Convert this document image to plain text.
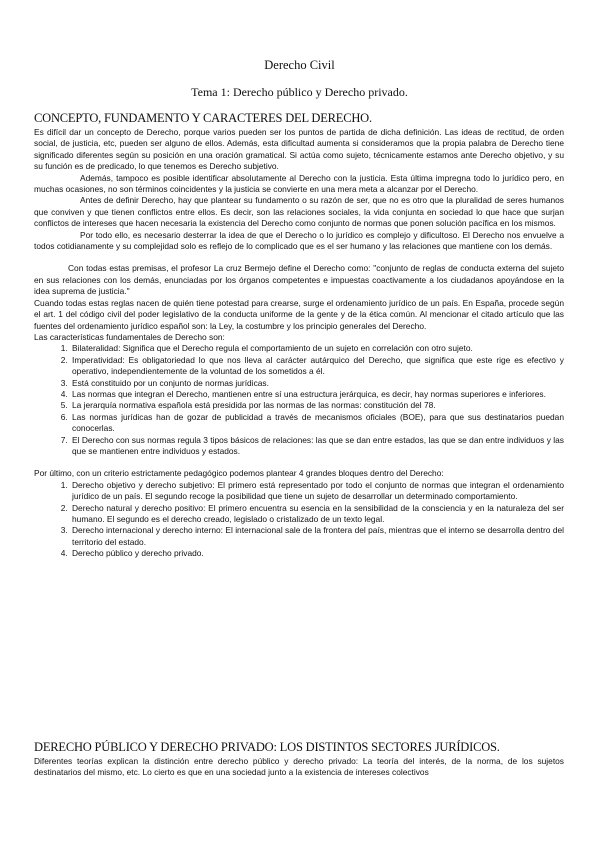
Derecho Civil
Tema 1: Derecho público y Derecho privado.
CONCEPTO, FUNDAMENTO Y CARACTERES DEL DERECHO.

Es difícil dar un concepto de Derecho, porque varios pueden ser los puntos de partida de dicha definición. Las ideas de rectitud, de orden social, de justicia, etc, pueden ser alguno de ellos. Además, esta dificultad aumenta si consideramos que la propia palabra de Derecho tiene significado diferentes según su posición en una oración gramatical. Si actúa como sujeto, técnicamente estamos ante Derecho objetivo, y su su función es de predicado, lo que tenemos es Derecho subjetivo.

Además, tampoco es posible identificar absolutamente al Derecho con la justicia. Esta última impregna todo lo jurídico pero, en muchas ocasiones, no son términos coincidentes y la justicia se convierte en una mera meta a alcanzar por el Derecho.

Antes de definir Derecho, hay que plantear su fundamento o su razón de ser, que no es otro que la pluralidad de seres humanos que conviven y que tienen conflictos entre ellos. Es decir, son las relaciones sociales, la vida conjunta en sociedad lo que hace que surjan conflictos de intereses que hacen necesaria la existencia del Derecho como conjunto de normas que ponen solución pacífica en los mismos.

Por todo ello, es necesario desterrar la idea de que el Derecho o lo jurídico es complejo y dificultoso. El Derecho nos envuelve a todos cotidianamente y su complejidad solo es reflejo de lo complicado que es el ser humano y las relaciones que mantiene con los demás.

Con todas estas premisas, el profesor La cruz Bermejo define el Derecho como: "conjunto de reglas de conducta externa del sujeto en sus relaciones con los demás, enunciadas por los órganos competentes e impuestas coactivamente a los ciudadanos apoyándose en la idea suprema de justicia."

Cuando todas estas reglas nacen de quién tiene potestad para crearse, surge el ordenamiento jurídico de un país. En España, procede según el art. 1 del código civil del poder legislativo de la conducta uniforme de la gente y de la ética común. Al mencionar el citado artículo que las fuentes del ordenamiento jurídico español son: la Ley, la costumbre y los principio generales del Derecho.

Las características fundamentales de Derecho son:

1. Bilateralidad: Significa que el Derecho regula el comportamiento de un sujeto en correlación con otro sujeto.
2. Imperatividad: Es obligatoriedad lo que nos lleva al carácter autárquico del Derecho, que significa que este rige es efectivo y operativo, independientemente de la voluntad de los sometidos a él.
3. Está constituido por un conjunto de normas jurídicas.
4. Las normas que integran el Derecho, mantienen entre sí una estructura jerárquica, es decir, hay normas superiores e inferiores.
5. La jerarquía normativa española está presidida por las normas de las normas: constitución del 78.
6. Las normas jurídicas han de gozar de publicidad a través de mecanismos oficiales (BOE), para que sus destinatarios puedan conocerlas.
7. El Derecho con sus normas regula 3 tipos básicos de relaciones: las que se dan entre estados, las que se dan entre individuos y las que se mantienen entre individuos y estados.

Por último, con un criterio estrictamente pedagógico podemos plantear 4 grandes bloques dentro del Derecho:

1. Derecho objetivo y derecho subjetivo: El primero está representado por todo el conjunto de normas que integran el ordenamiento jurídico de un país. El segundo recoge la posibilidad que tiene un sujeto de desarrollar un determinado comportamiento.
2. Derecho natural y derecho positivo: El primero encuentra su esencia en la sensibilidad de la consciencia y en la naturaleza del ser humano. El segundo es el derecho creado, legislado o cristalizado de un texto legal.
3. Derecho internacional y derecho interno: El internacional sale de la frontera del país, mientras que el interno se desarrolla dentro del territorio del estado.
4. Derecho público y derecho privado.
DERECHO PÚBLICO Y DERECHO PRIVADO: LOS DISTINTOS SECTORES JURÍDICOS.

Diferentes teorías explican la distinción entre derecho público y derecho privado: La teoría del interés, de la norma, de los sujetos destinatarios del mismo, etc. Lo cierto es que en una sociedad junto a la existencia de intereses colectivos
